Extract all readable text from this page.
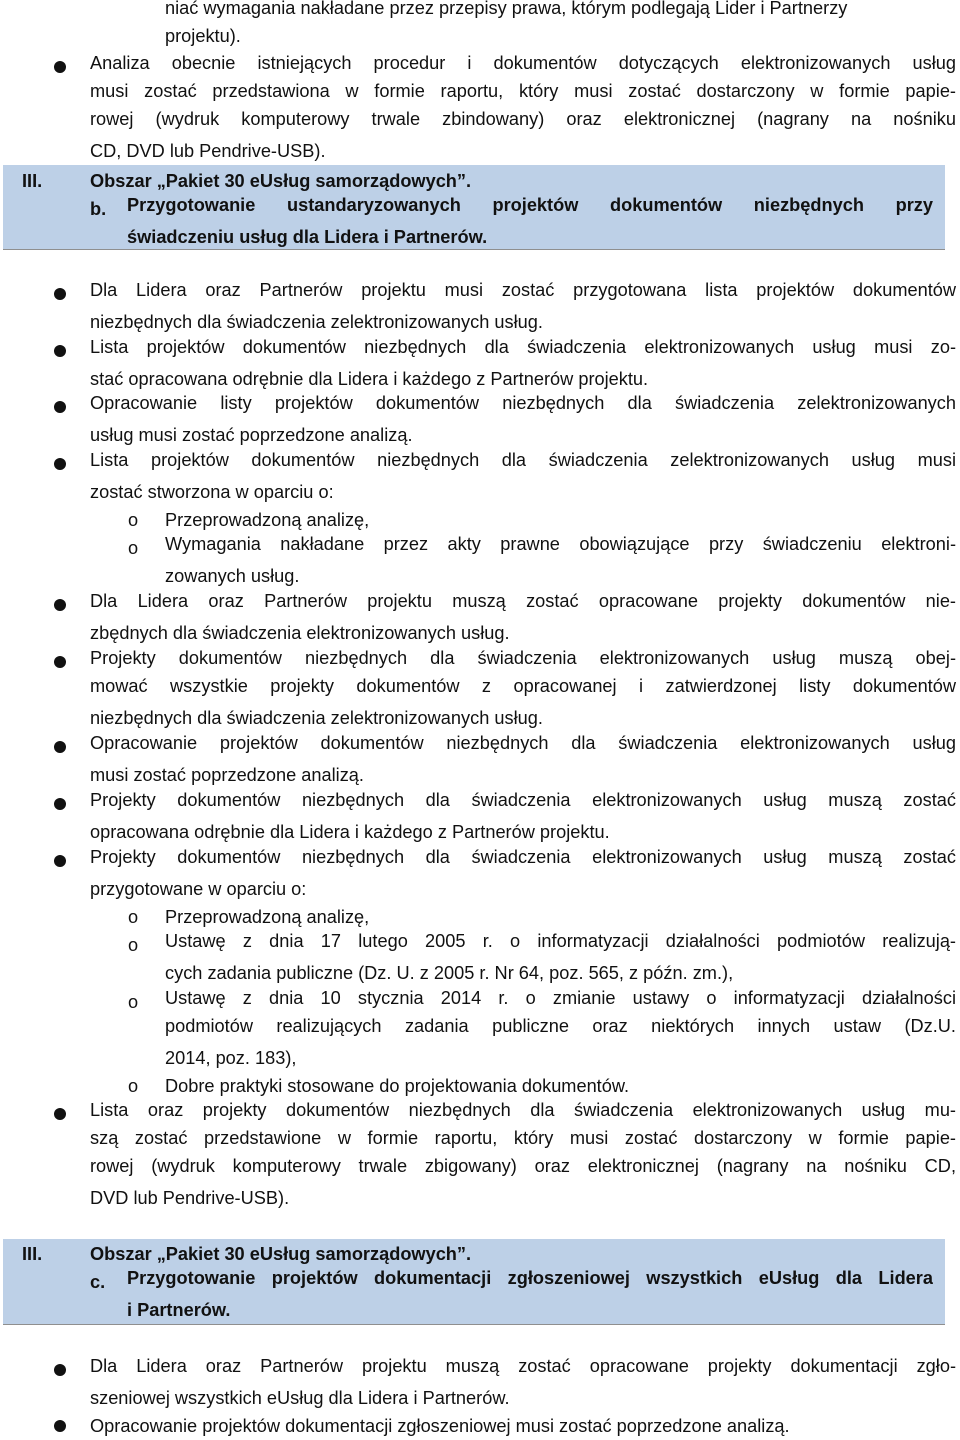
niać wymagania nakładane przez przepisy prawa, którym podlegają Lider i Partnerzy
projektu).
Analiza obecnie istniejących procedur i dokumentów dotyczących elektronizowanych usług
musi zostać przedstawiona w formie raportu, który musi zostać dostarczony w formie papie-
rowej (wydruk komputerowy trwale zbindowany) oraz elektronicznej (nagrany na nośniku
CD, DVD lub Pendrive-USB).
III.	Obszar „Pakiet 30 eUsług samorządowych”.
b. Przygotowanie ustandaryzowanych projektów dokumentów niezbędnych przy
świadczeniu usług dla Lidera i Partnerów.
Dla Lidera oraz Partnerów projektu musi zostać przygotowana lista projektów dokumentów
niezbędnych dla świadczenia zelektronizowanych usług.
Lista projektów dokumentów niezbędnych dla świadczenia elektronizowanych usług musi zo-
stać opracowana odrębnie dla Lidera i każdego z Partnerów projektu.
Opracowanie listy projektów dokumentów niezbędnych dla świadczenia zelektronizowanych
usług musi zostać poprzedzone analizą.
Lista projektów dokumentów niezbędnych dla świadczenia zelektronizowanych usług musi
zostać stworzona w oparciu o:
o Przeprowadzoną analizę,
o Wymagania nakładane przez akty prawne obowiązujące przy świadczeniu elektroni-
zowanych usług.
Dla Lidera oraz Partnerów projektu muszą zostać opracowane projekty dokumentów nie-
zbędnych dla świadczenia elektronizowanych usług.
Projekty dokumentów niezbędnych dla świadczenia elektronizowanych usług muszą obej-
mować wszystkie projekty dokumentów z opracowanej i zatwierdzonej listy dokumentów
niezbędnych dla świadczenia zelektronizowanych usług.
Opracowanie projektów dokumentów niezbędnych dla świadczenia elektronizowanych usług
musi zostać poprzedzone analizą.
Projekty dokumentów niezbędnych dla świadczenia elektronizowanych usług muszą zostać
opracowana odrębnie dla Lidera i każdego z Partnerów projektu.
Projekty dokumentów niezbędnych dla świadczenia elektronizowanych usług muszą zostać
przygotowane w oparciu o:
o Przeprowadzoną analizę,
o Ustawę z dnia 17 lutego 2005 r. o informatyzacji działalności podmiotów realizują-
cych zadania publiczne (Dz. U. z 2005 r. Nr 64, poz. 565, z późn. zm.),
o Ustawę z dnia 10 stycznia 2014 r. o zmianie ustawy o informatyzacji działalności
podmiotów realizujących zadania publiczne oraz niektórych innych ustaw (Dz.U.
2014, poz. 183),
o Dobre praktyki stosowane do projektowania dokumentów.
Lista oraz projekty dokumentów niezbędnych dla świadczenia elektronizowanych usług mu-
szą zostać przedstawione w formie raportu, który musi zostać dostarczony w formie papie-
rowej (wydruk komputerowy trwale zbigowany) oraz elektronicznej (nagrany na nośniku CD,
DVD lub Pendrive-USB).
III.	Obszar „Pakiet 30 eUsług samorządowych”.
c. Przygotowanie projektów dokumentacji zgłoszeniowej wszystkich eUsług dla Lidera
i Partnerów.
Dla Lidera oraz Partnerów projektu muszą zostać opracowane projekty dokumentacji zgło-
szeniowej wszystkich eUsług dla Lidera i Partnerów.
Opracowanie projektów dokumentacji zgłoszeniowej musi zostać poprzedzone analizą.
